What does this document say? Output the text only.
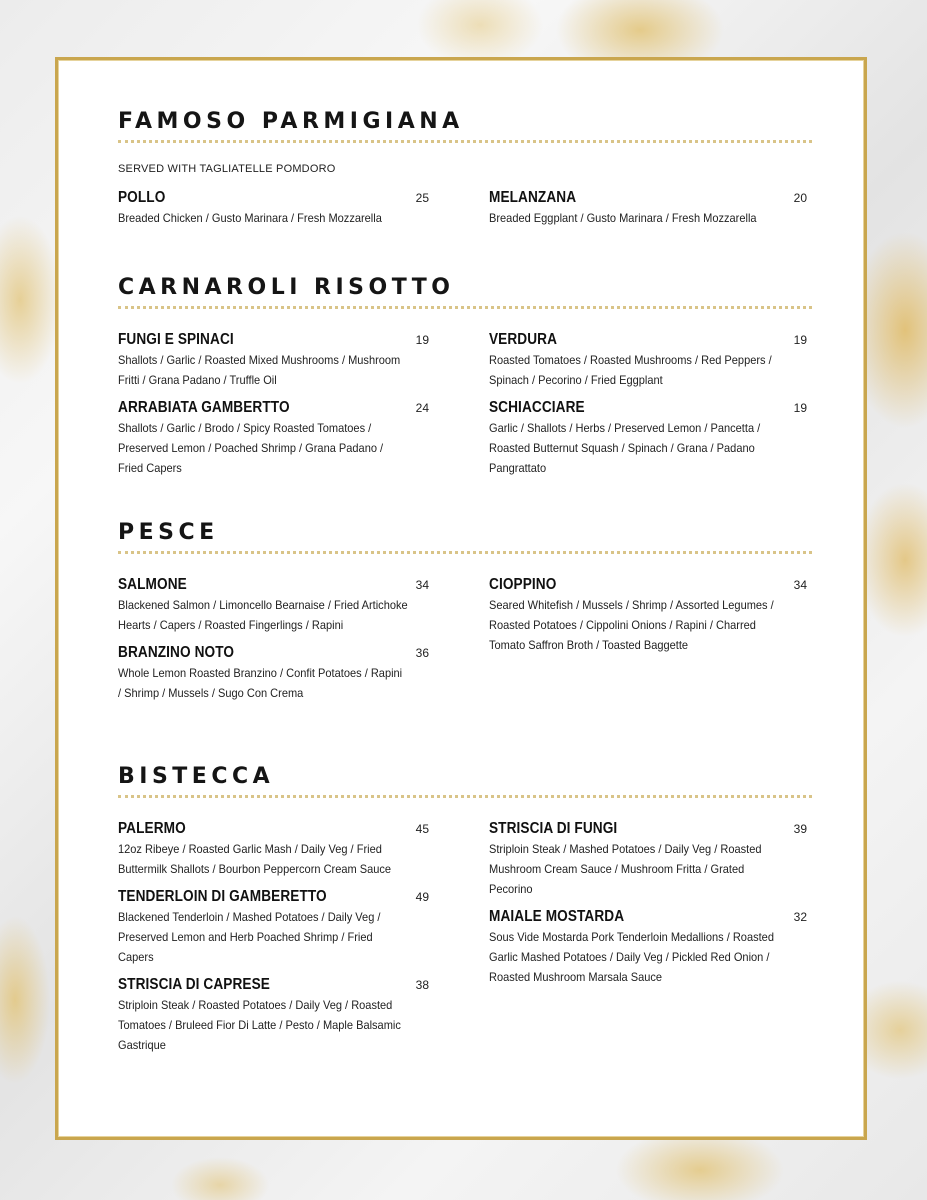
FAMOSO PARMIGIANA
SERVED WITH TAGLIATELLE POMDORO
POLLO	25
Breaded Chicken / Gusto Marinara / Fresh Mozzarella
MELANZANA	20
Breaded Eggplant / Gusto Marinara / Fresh Mozzarella
CARNAROLI RISOTTO
FUNGI E SPINACI	19
Shallots / Garlic / Roasted Mixed Mushrooms / Mushroom Fritti / Grana Padano / Truffle Oil
ARRABIATA GAMBERTTO	24
Shallots / Garlic / Brodo / Spicy Roasted Tomatoes / Preserved Lemon / Poached Shrimp / Grana Padano / Fried Capers
VERDURA	19
Roasted Tomatoes / Roasted Mushrooms / Red Peppers / Spinach / Pecorino / Fried Eggplant
SCHIACCIARE	19
Garlic / Shallots / Herbs / Preserved Lemon / Pancetta / Roasted Butternut Squash / Spinach / Grana / Padano Pangrattato
PESCE
SALMONE	34
Blackened Salmon / Limoncello Bearnaise / Fried Artichoke Hearts / Capers / Roasted Fingerlings / Rapini
BRANZINO NOTO	36
Whole Lemon Roasted Branzino / Confit Potatoes / Rapini / Shrimp / Mussels / Sugo Con Crema
CIOPPINO	34
Seared Whitefish / Mussels / Shrimp / Assorted Legumes / Roasted Potatoes / Cippolini Onions / Rapini / Charred Tomato Saffron Broth / Toasted Baggette
BISTECCA
PALERMO	45
12oz Ribeye / Roasted Garlic Mash / Daily Veg / Fried Buttermilk Shallots / Bourbon Peppercorn Cream Sauce
TENDERLOIN DI GAMBERETTO	49
Blackened Tenderloin / Mashed Potatoes / Daily Veg / Preserved Lemon and Herb Poached Shrimp / Fried Capers
STRISCIA DI CAPRESE	38
Striploin Steak / Roasted Potatoes / Daily Veg / Roasted Tomatoes / Bruleed Fior Di Latte / Pesto / Maple Balsamic Gastrique
STRISCIA DI FUNGI	39
Striploin Steak / Mashed Potatoes / Daily Veg / Roasted Mushroom Cream Sauce / Mushroom Fritta / Grated Pecorino
MAIALE MOSTARDA	32
Sous Vide Mostarda Pork Tenderloin Medallions / Roasted Garlic Mashed Potatoes / Daily Veg / Pickled Red Onion / Roasted Mushroom Marsala Sauce
